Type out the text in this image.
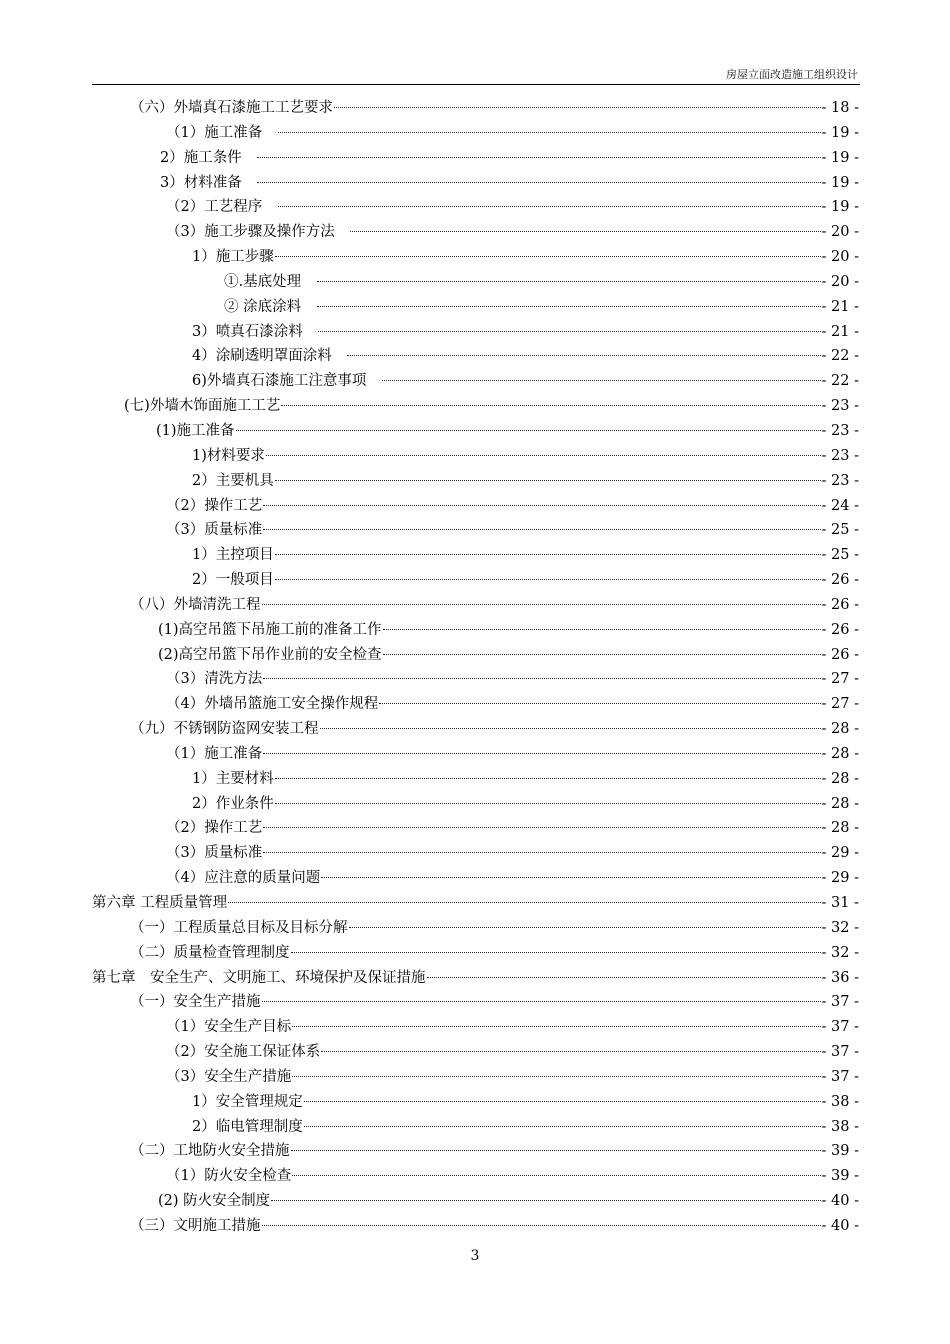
房屋立面改造施工组织设计
（六）外墙真石漆施工工艺要求	- 18 -
（1）施工准备　	- 19 -
2）施工条件　	- 19 -
3）材料准备　	- 19 -
（2）工艺程序　	- 19 -
（3）施工步骤及操作方法　	- 20 -
1）施工步骤	- 20 -
①.基底处理　	- 20 -
② 涂底涂料　	- 21 -
3）喷真石漆涂料　	- 21 -
4）涂刷透明罩面涂料　	- 22 -
6)外墙真石漆施工注意事项　	- 22 -
(七)外墙木饰面施工工艺	- 23 -
(1)施工准备	- 23 -
1)材料要求	- 23 -
2）主要机具	- 23 -
（2）操作工艺	- 24 -
（3）质量标准	- 25 -
1）主控项目	- 25 -
2）一般项目	- 26 -
（八）外墙清洗工程	- 26 -
(1)高空吊篮下吊施工前的准备工作	- 26 -
(2)高空吊篮下吊作业前的安全检查	- 26 -
（3）清洗方法	- 27 -
（4）外墙吊篮施工安全操作规程	- 27 -
（九）不锈钢防盗网安装工程	- 28 -
（1）施工准备	- 28 -
1）主要材料	- 28 -
2）作业条件	- 28 -
（2）操作工艺	- 28 -
（3）质量标准	- 29 -
（4）应注意的质量问题	- 29 -
第六章 工程质量管理	- 31 -
（一）工程质量总目标及目标分解	- 32 -
（二）质量检查管理制度	- 32 -
第七章　安全生产、文明施工、环境保护及保证措施	- 36 -
（一）安全生产措施	- 37 -
（1）安全生产目标	- 37 -
（2）安全施工保证体系	- 37 -
（3）安全生产措施	- 37 -
1）安全管理规定	- 38 -
2）临电管理制度	- 38 -
（二）工地防火安全措施	- 39 -
（1）防火安全检查	- 39 -
(2) 防火安全制度	- 40 -
（三）文明施工措施	- 40 -
3
